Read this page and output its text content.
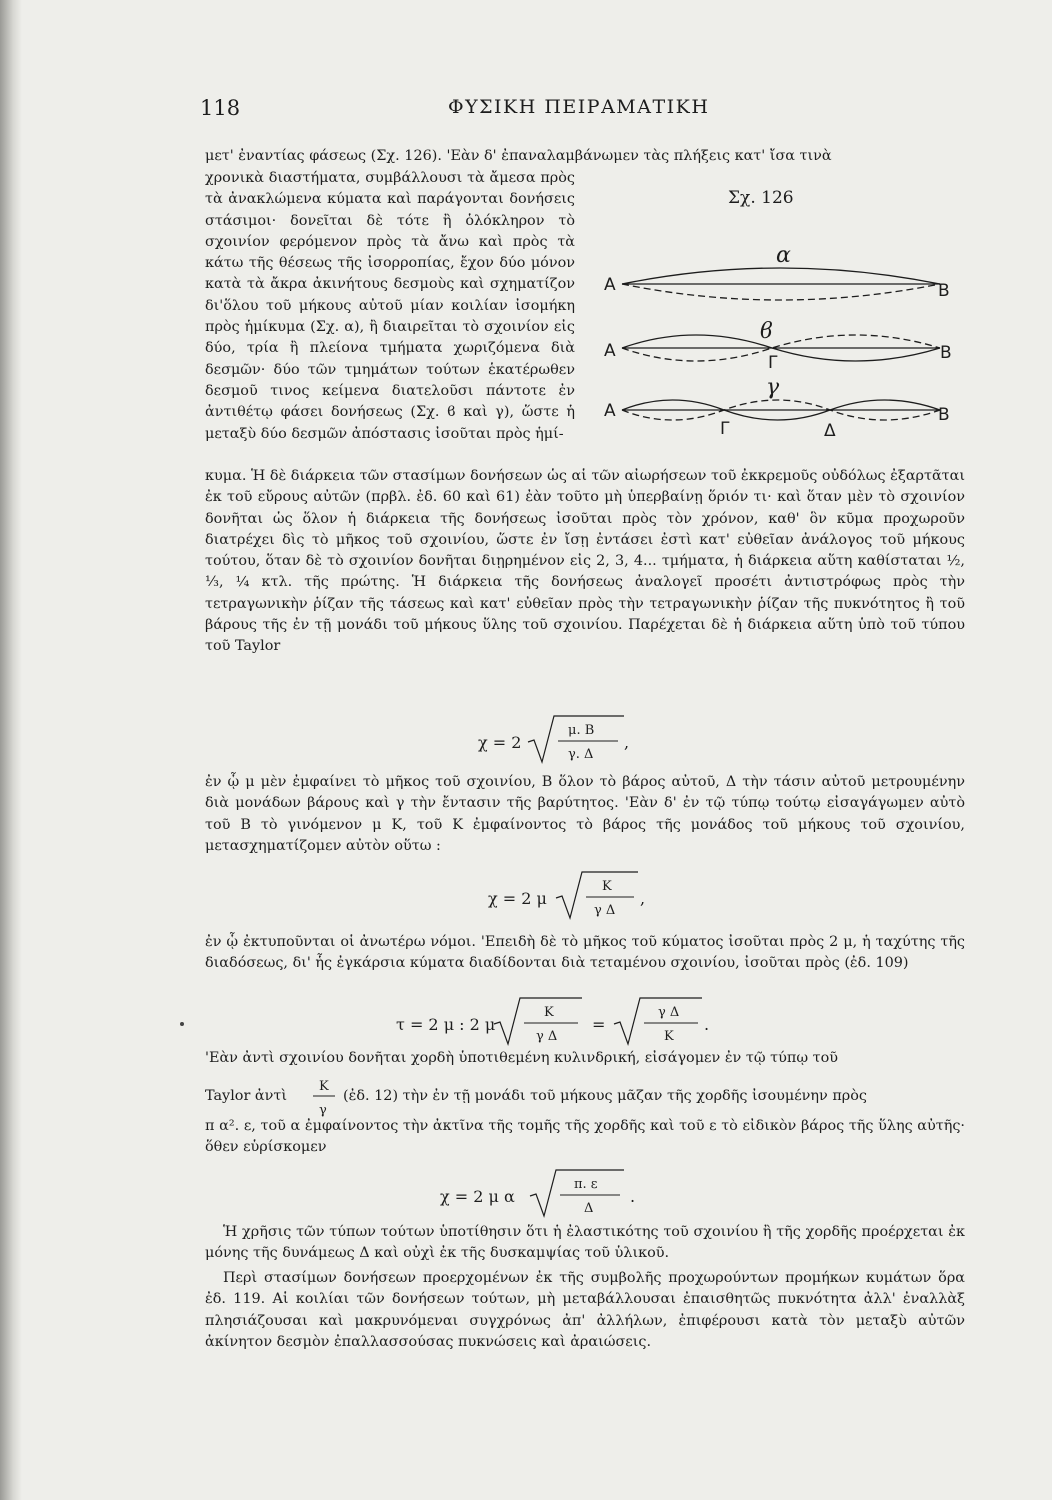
118	ΦΥΣΙΚΗ ΠΕΙΡΑΜΑΤΙΚΗ
μετ' ἐναντίας φάσεως (Σχ. 126). 'Εὰν δ' ἐπαναλαμβάνωμεν τὰς πλήξεις κατ' ἴσα τινὰ
χρονικὰ διαστήματα, συμβάλλουσι τὰ ἄμεσα πρὸς τὰ ἀνακλώμενα κύματα καὶ παράγονται δονήσεις στάσιμοι· δονεῖται δὲ τότε ἢ ὁλόκληρον τὸ σχοινίον φερόμενον πρὸς τὰ ἄνω καὶ πρὸς τὰ κάτω τῆς θέσεως τῆς ἰσορροπίας, ἔχον δύο μόνον κατὰ τὰ ἄκρα ἀκινήτους δεσμοὺς καὶ σχηματίζον δι'ὅλου τοῦ μήκους αὐτοῦ μίαν κοιλίαν ἰσομήκη πρὸς ἡμίκυμα (Σχ. α), ἢ διαιρεῖται τὸ σχοινίον εἰς δύο, τρία ἢ πλείονα τμήματα χωριζόμενα διὰ δεσμῶν· δύο τῶν τμημάτων τούτων ἑκατέρωθεν δεσμοῦ τινος κείμενα διατελοῦσι πάντοτε ἐν ἀντιθέτῳ φάσει δονήσεως (Σχ. ϐ καὶ γ), ὥστε ἡ μεταξὺ δύο δεσμῶν ἀπόστασις ἰσοῦται πρὸς ἡμί-
Σχ. 126
α
Α	Β
ϐ
Α	Β
Γ
γ
Α	Β
Γ	Δ
κυμα. Ἡ δὲ διάρκεια τῶν στασίμων δονήσεων ὡς αἱ τῶν αἰωρήσεων τοῦ ἐκκρεμοῦς οὐδόλως ἐξαρτᾶται ἐκ τοῦ εὔρους αὐτῶν (πρβλ. ἐδ. 60 καὶ 61) ἐὰν τοῦτο μὴ ὑπερβαίνῃ ὅριόν τι· καὶ ὅταν μὲν τὸ σχοινίον δονῆται ὡς ὅλον ἡ διάρκεια τῆς δονήσεως ἰσοῦται πρὸς τὸν χρόνον, καθ' ὃν κῦμα προχωροῦν διατρέχει δὶς τὸ μῆκος τοῦ σχοινίου, ὥστε ἐν ἴσῃ ἐντάσει ἐστὶ κατ' εὐθεῖαν ἀνάλογος τοῦ μήκους τούτου, ὅταν δὲ τὸ σχοινίον δονῆται διῃρημένον εἰς 2, 3, 4... τμήματα, ἡ διάρκεια αὕτη καθίσταται ½, ⅓, ¼ κτλ. τῆς πρώτης. Ἡ διάρκεια τῆς δονήσεως ἀναλογεῖ προσέτι ἀντιστρόφως πρὸς τὴν τετραγωνικὴν ῥίζαν τῆς τάσεως καὶ κατ' εὐθεῖαν πρὸς τὴν τετραγωνικὴν ῥίζαν τῆς πυκνότητος ἢ τοῦ βάρους τῆς ἐν τῇ μονάδι τοῦ μήκους ὕλης τοῦ σχοινίου. Παρέχεται δὲ ἡ διάρκεια αὕτη ὑπὸ τοῦ τύπου τοῦ Taylor
χ = 2
μ. Β
γ. Δ
,
ἐν ᾧ μ μὲν ἐμφαίνει τὸ μῆκος τοῦ σχοινίου, Β ὅλον τὸ βάρος αὐτοῦ, Δ τὴν τάσιν αὐτοῦ μετρουμένην διὰ μονάδων βάρους καὶ γ τὴν ἔντασιν τῆς βαρύτητος. 'Εὰν δ' ἐν τῷ τύπῳ τούτῳ εἰσαγάγωμεν αὐτὸ τοῦ Β τὸ γινόμενον μ Κ, τοῦ Κ ἐμφαίνοντος τὸ βάρος τῆς μονάδος τοῦ μήκους τοῦ σχοινίου, μετασχηματίζομεν αὐτὸν οὕτω :
χ = 2 μ
Κ
γ Δ
,
ἐν ᾧ ἐκτυποῦνται οἱ ἀνωτέρω νόμοι. 'Επειδὴ δὲ τὸ μῆκος τοῦ κύματος ἰσοῦται πρὸς 2 μ, ἡ ταχύτης τῆς διαδόσεως, δι' ἧς ἐγκάρσια κύματα διαδίδονται διὰ τεταμένου σχοινίου, ἰσοῦται πρὸς (ἐδ. 109)
τ = 2 μ : 2 μ
Κ
γ Δ
=
γ Δ
Κ
.
'Εὰν ἀντὶ σχοινίου δονῆται χορδὴ ὑποτιθεμένη κυλινδρική, εἰσάγομεν ἐν τῷ τύπῳ τοῦ
Taylor ἀντὶ
Κ
γ
(ἐδ. 12) τὴν ἐν τῇ μονάδι τοῦ μήκους μᾶζαν τῆς χορδῆς ἰσουμένην πρὸς
π α². ε, τοῦ α ἐμφαίνοντος τὴν ἀκτῖνα τῆς τομῆς τῆς χορδῆς καὶ τοῦ ε τὸ εἰδικὸν βάρος τῆς ὕλης αὐτῆς· ὅθεν εὑρίσκομεν
χ = 2 μ α
π. ε
Δ
.
Ἡ χρῆσις τῶν τύπων τούτων ὑποτίθησιν ὅτι ἡ ἐλαστικότης τοῦ σχοινίου ἢ τῆς χορδῆς προέρχεται ἐκ μόνης τῆς δυνάμεως Δ καὶ οὐχὶ ἐκ τῆς δυσκαμψίας τοῦ ὑλικοῦ.
Περὶ στασίμων δονήσεων προερχομένων ἐκ τῆς συμβολῆς προχωρούντων προμήκων κυμάτων ὅρα ἐδ. 119. Αἱ κοιλίαι τῶν δονήσεων τούτων, μὴ μεταβάλλουσαι ἐπαισθητῶς πυκνότητα ἀλλ' ἐναλλὰξ πλησιάζουσαι καὶ μακρυνόμεναι συγχρόνως ἀπ' ἀλλήλων, ἐπιφέρουσι κατὰ τὸν μεταξὺ αὐτῶν ἀκίνητον δεσμὸν ἐπαλλασσούσας πυκνώσεις καὶ ἀραιώσεις.
